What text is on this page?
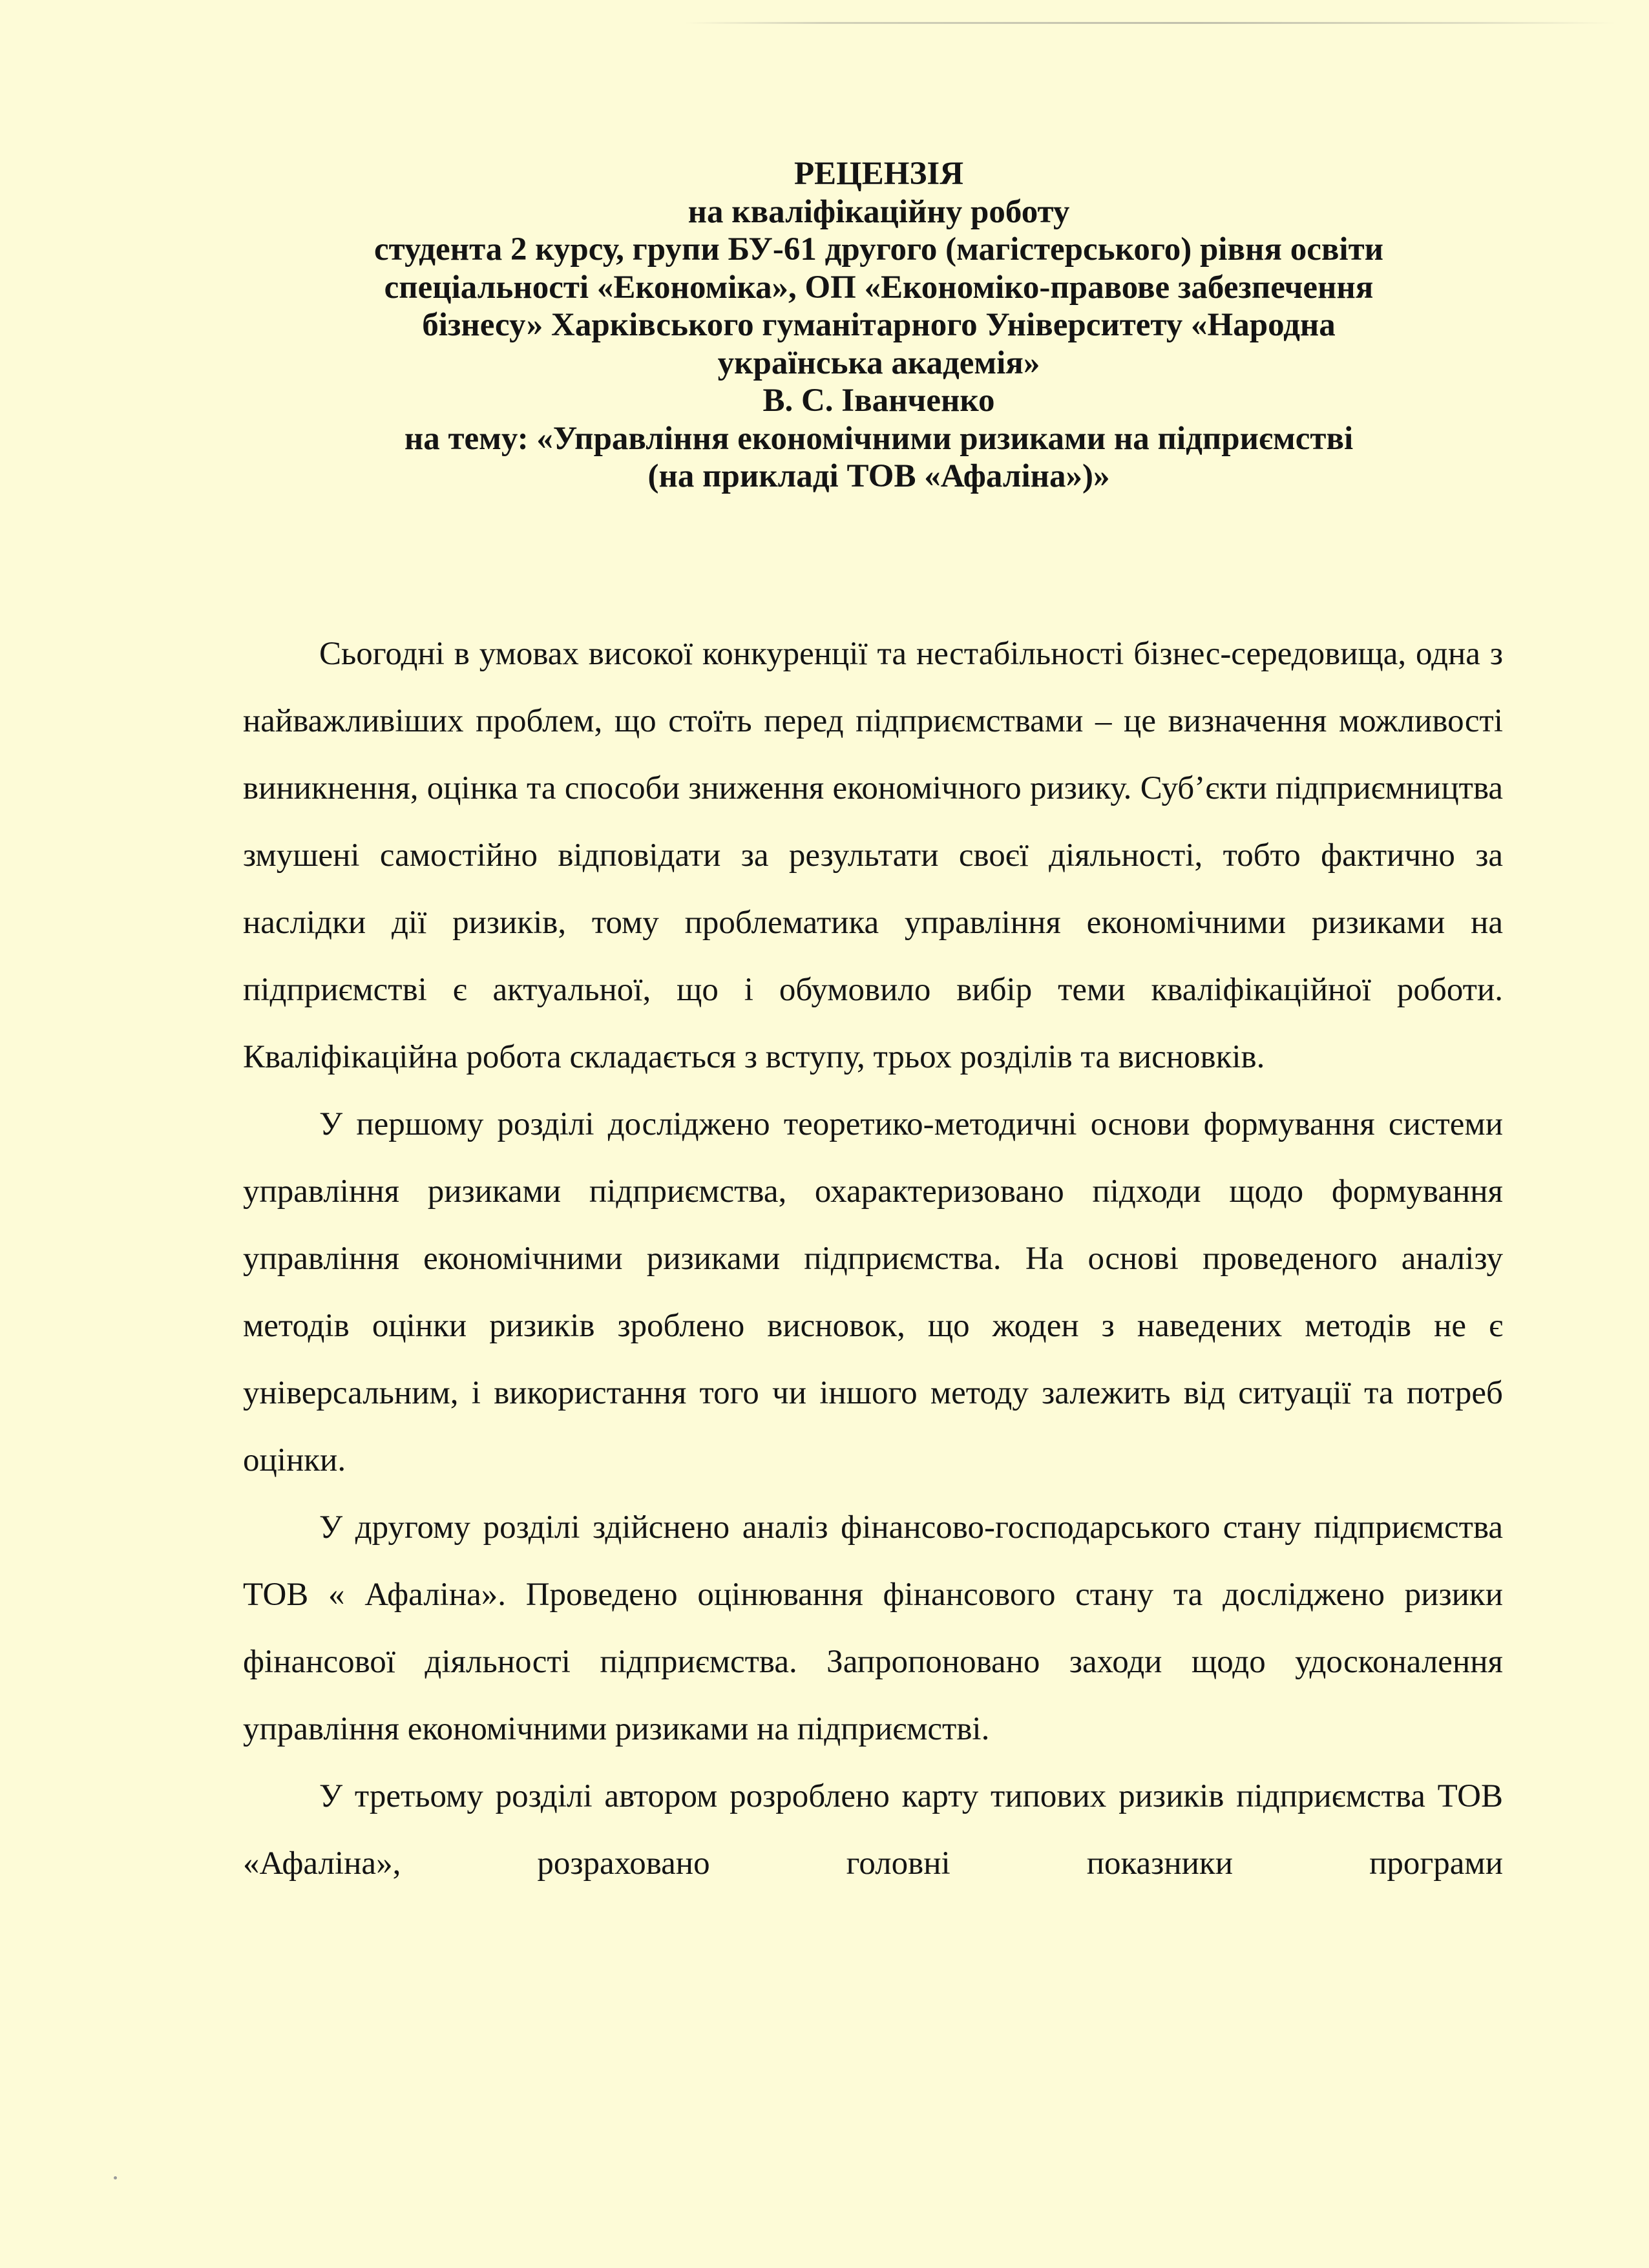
РЕЦЕНЗІЯ
на кваліфікаційну роботу
студента 2 курсу, групи БУ-61 другого (магістерського) рівня освіти
спеціальності «Економіка», ОП «Економіко-правове забезпечення
бізнесу» Харківського гуманітарного Університету «Народна
українська академія»
В. С. Іванченко
на тему: «Управління економічними ризиками на підприємстві
(на прикладі ТОВ «Афаліна»)»

Сьогодні в умовах високої конкуренції та нестабільності бізнес-середовища, одна з найважливіших проблем, що стоїть перед підприємствами – це визначення можливості виникнення, оцінка та способи зниження економічного ризику. Суб’єкти підприємництва змушені самостійно відповідати за результати своєї діяльності, тобто фактично за наслідки дії ризиків, тому проблематика управління економічними ризиками на підприємстві є актуальної, що і обумовило вибір теми кваліфікаційної роботи. Кваліфікаційна робота складається з вступу, трьох розділів та висновків.

У першому розділі досліджено теоретико-методичні основи формування системи управління ризиками підприємства, охарактеризовано підходи щодо формування управління економічними ризиками підприємства. На основі проведеного аналізу методів оцінки ризиків зроблено висновок, що жоден з наведених методів не є універсальним, і використання того чи іншого методу залежить від ситуації та потреб оцінки.

У другому розділі здійснено аналіз фінансово-господарського стану підприємства ТОВ « Афаліна». Проведено оцінювання фінансового стану та досліджено ризики фінансової діяльності підприємства. Запропоновано заходи щодо удосконалення управління економічними ризиками на підприємстві.

У третьому розділі автором розроблено карту типових ризиків підприємства ТОВ «Афаліна», розраховано головні показники програми
